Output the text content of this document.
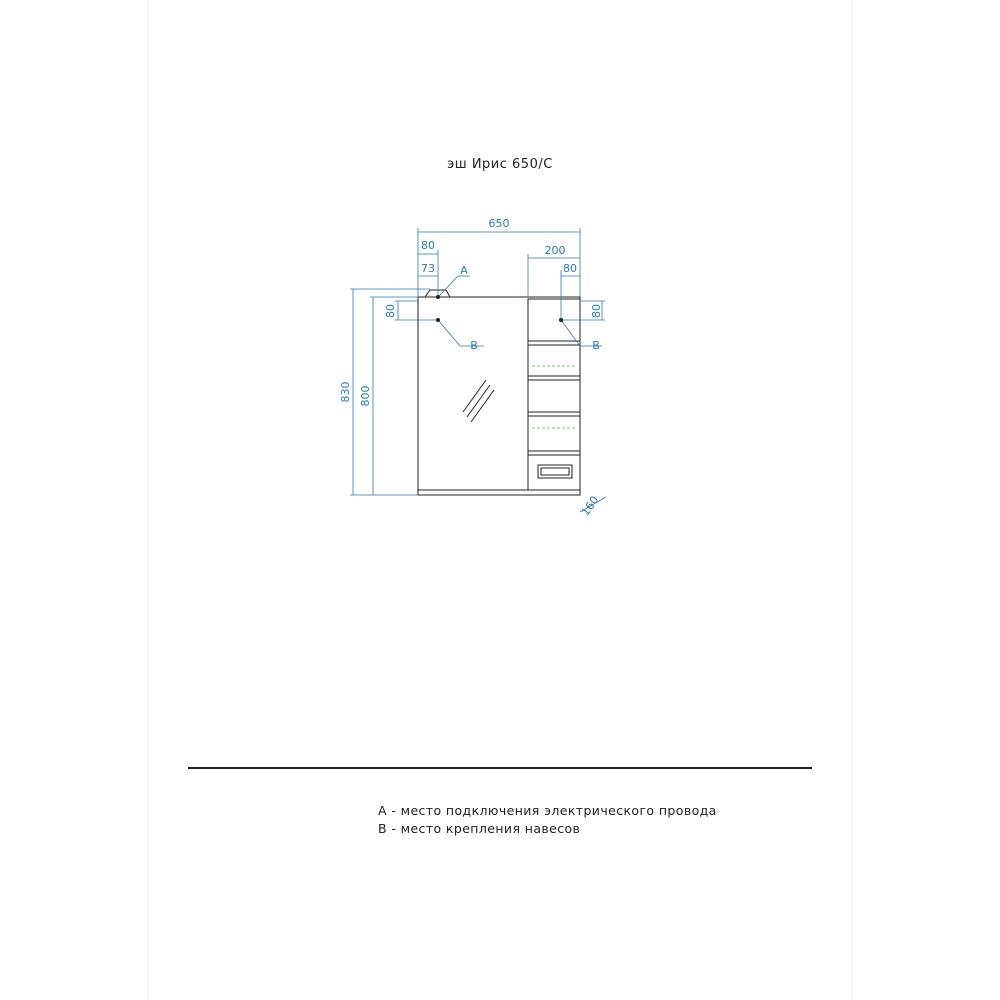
эш Ирис 650/С
650
80
73
200
80
830 800
80	80
160
A
B	B
А - место подключения электрического провода
В - место крепления навесов
